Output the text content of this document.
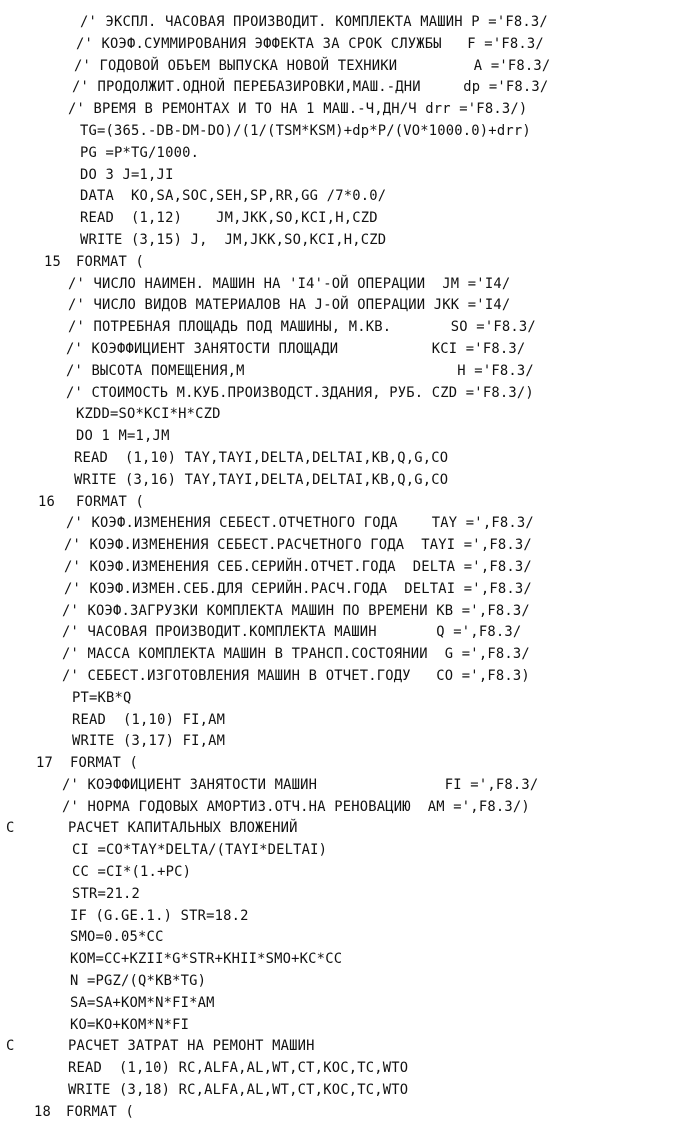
/' ЭКСПЛ. ЧАСОВАЯ ПРОИЗВОДИТ. КОМПЛЕКТА МАШИН P ='F8.3/
/' КОЭФ.СУММИРОВАНИЯ ЭФФЕКТА ЗА СРОК СЛУЖБЫ   F ='F8.3/
/' ГОДОВОЙ ОБЪЕМ ВЫПУСКА НОВОЙ ТЕХНИКИ         A ='F8.3/
/' ПРОДОЛЖИТ.ОДНОЙ ПЕРЕБАЗИРОВКИ,МАШ.-ДНИ     dp ='F8.3/
/' ВРЕМЯ В РЕМОНТАХ И ТО НА 1 МАШ.-Ч,ДН/Ч drr ='F8.3/)
TG=(365.-DB-DM-DO)/(1/(TSM*KSM)+dp*P/(VO*1000.0)+drr)
PG =P*TG/1000.
DO 3 J=1,JI
DATA  KO,SA,SOC,SEH,SP,RR,GG /7*0.0/
READ  (1,12)    JM,JKK,SO,KCI,H,CZD
WRITE (3,15) J,  JM,JKK,SO,KCI,H,CZD
15 FORMAT (
/' ЧИСЛО НАИМЕН. МАШИН НА 'I4'-ОЙ ОПЕРАЦИИ  JM ='I4/
/' ЧИСЛО ВИДОВ МАТЕРИАЛОВ НА J-ОЙ ОПЕРАЦИИ JKK ='I4/
/' ПОТРЕБНАЯ ПЛОЩАДЬ ПОД МАШИНЫ, М.КВ.       SO ='F8.3/
/' КОЭФФИЦИЕНТ ЗАНЯТОСТИ ПЛОЩАДИ           KCI ='F8.3/
/' ВЫСОТА ПОМЕЩЕНИЯ,М                         H ='F8.3/
/' СТОИМОСТЬ М.КУБ.ПРОИЗВОДСТ.ЗДАНИЯ, РУБ. CZD ='F8.3/)
KZDD=SO*KCI*H*CZD
DO 1 M=1,JM
READ  (1,10) TAY,TAYI,DELTA,DELTAI,KB,Q,G,CO
WRITE (3,16) TAY,TAYI,DELTA,DELTAI,KB,Q,G,CO
16 FORMAT (
/' КОЭФ.ИЗМЕНЕНИЯ СЕБЕСТ.ОТЧЕТНОГО ГОДА    TAY =',F8.3/
/' КОЭФ.ИЗМЕНЕНИЯ СЕБЕСТ.РАСЧЕТНОГО ГОДА  TAYI =',F8.3/
/' КОЭФ.ИЗМЕНЕНИЯ СЕБ.СЕРИЙН.ОТЧЕТ.ГОДА  DELTA =',F8.3/
/' КОЭФ.ИЗМЕН.СЕБ.ДЛЯ СЕРИЙН.РАСЧ.ГОДА  DELTAI =',F8.3/
/' КОЭФ.ЗАГРУЗКИ КОМПЛЕКТА МАШИН ПО ВРЕМЕНИ KB =',F8.3/
/' ЧАСОВАЯ ПРОИЗВОДИТ.КОМПЛЕКТА МАШИН       Q =',F8.3/
/' МАССА КОМПЛЕКТА МАШИН В ТРАНСП.СОСТОЯНИИ  G =',F8.3/
/' СЕБЕСТ.ИЗГОТОВЛЕНИЯ МАШИН В ОТЧЕТ.ГОДУ   CO =',F8.3)
PT=KB*Q
READ  (1,10) FI,AM
WRITE (3,17) FI,AM
17 FORMAT (
/' КОЭФФИЦИЕНТ ЗАНЯТОСТИ МАШИН               FI =',F8.3/
/' НОРМА ГОДОВЫХ АМОРТИЗ.ОТЧ.НА РЕНОВАЦИЮ  AM =',F8.3/)
C	РАСЧЕТ КАПИТАЛЬНЫХ ВЛОЖЕНИЙ
CI =CO*TAY*DELTA/(TAYI*DELTAI)
CC =CI*(1.+PC)
STR=21.2
IF (G.GE.1.) STR=18.2
SMO=0.05*CC
KOM=CC+KZII*G*STR+KHII*SMO+KC*CC
N =PGZ/(Q*KB*TG)
SA=SA+KOM*N*FI*AM
KO=KO+KOM*N*FI
C	РАСЧЕТ ЗАТРАТ НА РЕМОНТ МАШИН
READ  (1,10) RC,ALFA,AL,WT,CT,KOC,TC,WTO
WRITE (3,18) RC,ALFA,AL,WT,CT,KOC,TC,WTO
18 FORMAT (
